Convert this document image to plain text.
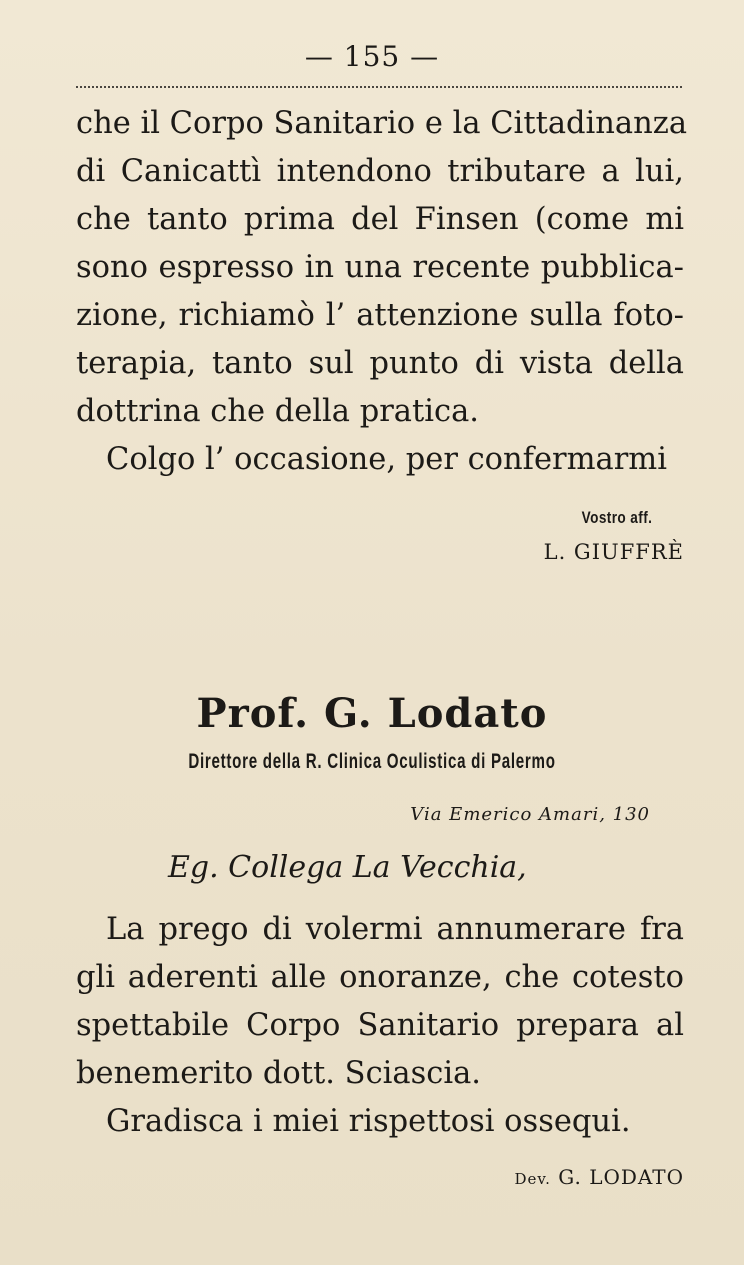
— 155 —
che il Corpo Sanitario e la Cittadinanza
di Canicattì intendono tributare a lui,
che tanto prima del Finsen (come mi
sono espresso in una recente pubblica-
zione, richiamò l’ attenzione sulla foto-
terapia, tanto sul punto di vista della
dottrina che della pratica.
Colgo l’ occasione, per confermarmi
Vostro aff.
L. GIUFFRÈ
Prof. G. Lodato
Direttore della R. Clinica Oculistica di Palermo
Via Emerico Amari, 130
Eg. Collega La Vecchia,
La prego di volermi annumerare fra
gli aderenti alle onoranze, che cotesto
spettabile Corpo Sanitario prepara al
benemerito dott. Sciascia.
Gradisca i miei rispettosi ossequi.
Dev. G. LODATO
